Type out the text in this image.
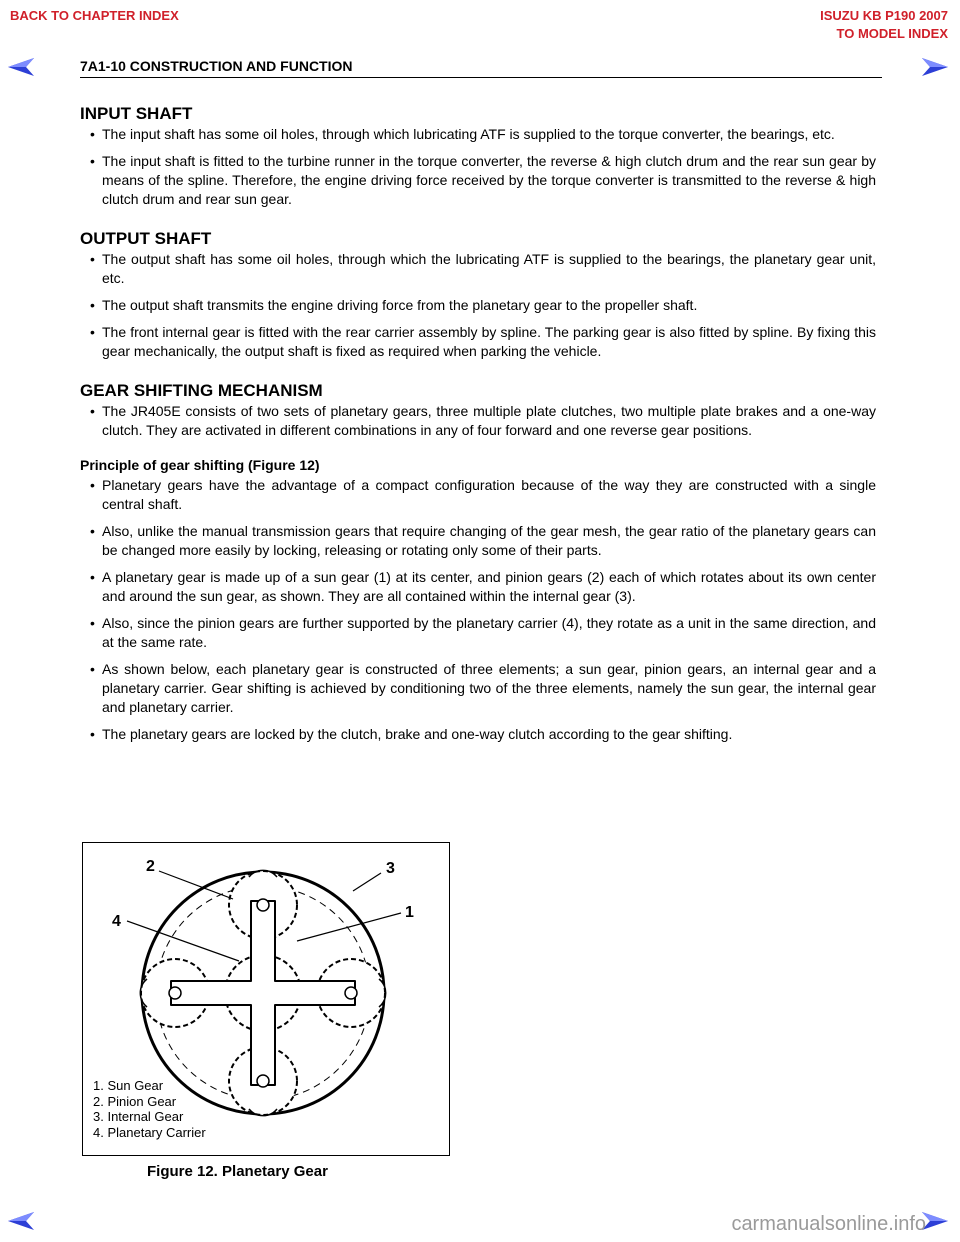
BACK TO CHAPTER INDEX	ISUZU KB P190 2007
TO MODEL INDEX
7A1-10 CONSTRUCTION AND FUNCTION
INPUT SHAFT
• The input shaft has some oil holes, through which lubricating ATF is supplied to the torque converter, the bearings, etc.
• The input shaft is fitted to the turbine runner in the torque converter, the reverse & high clutch drum and the rear sun gear by means of the spline. Therefore, the engine driving force received by the torque converter is transmitted to the reverse & high clutch drum and rear sun gear.
OUTPUT SHAFT
• The output shaft has some oil holes, through which the lubricating ATF is supplied to the bearings, the planetary gear unit, etc.
• The output shaft transmits the engine driving force from the planetary gear to the propeller shaft.
• The front internal gear is fitted with the rear carrier assembly by spline. The parking gear is also fitted by spline. By fixing this gear mechanically, the output shaft is fixed as required when parking the vehicle.
GEAR SHIFTING MECHANISM
• The JR405E consists of two sets of planetary gears, three multiple plate clutches, two multiple plate brakes and a one-way clutch. They are activated in different combinations in any of four forward and one reverse gear positions.
Principle of gear shifting (Figure 12)
• Planetary gears have the advantage of a compact configuration because of the way they are constructed with a single central shaft.
• Also, unlike the manual transmission gears that require changing of the gear mesh, the gear ratio of the planetary gears can be changed more easily by locking, releasing or rotating only some of their parts.
• A planetary gear is made up of a sun gear (1) at its center, and pinion gears (2) each of which rotates about its own center and around the sun gear, as shown. They are all contained within the internal gear (3).
• Also, since the pinion gears are further supported by the planetary carrier (4), they rotate as a unit in the same direction, and at the same rate.
• As shown below, each planetary gear is constructed of three elements; a sun gear, pinion gears, an internal gear and a planetary carrier. Gear shifting is achieved by conditioning two of the three elements, namely the sun gear, the internal gear and planetary carrier.
• The planetary gears are locked by the clutch, brake and one-way clutch according to the gear shifting.
1
2	3
4
1. Sun Gear
2. Pinion Gear
3. Internal Gear
4. Planetary Carrier
Figure 12. Planetary Gear
carmanualsonline.info
